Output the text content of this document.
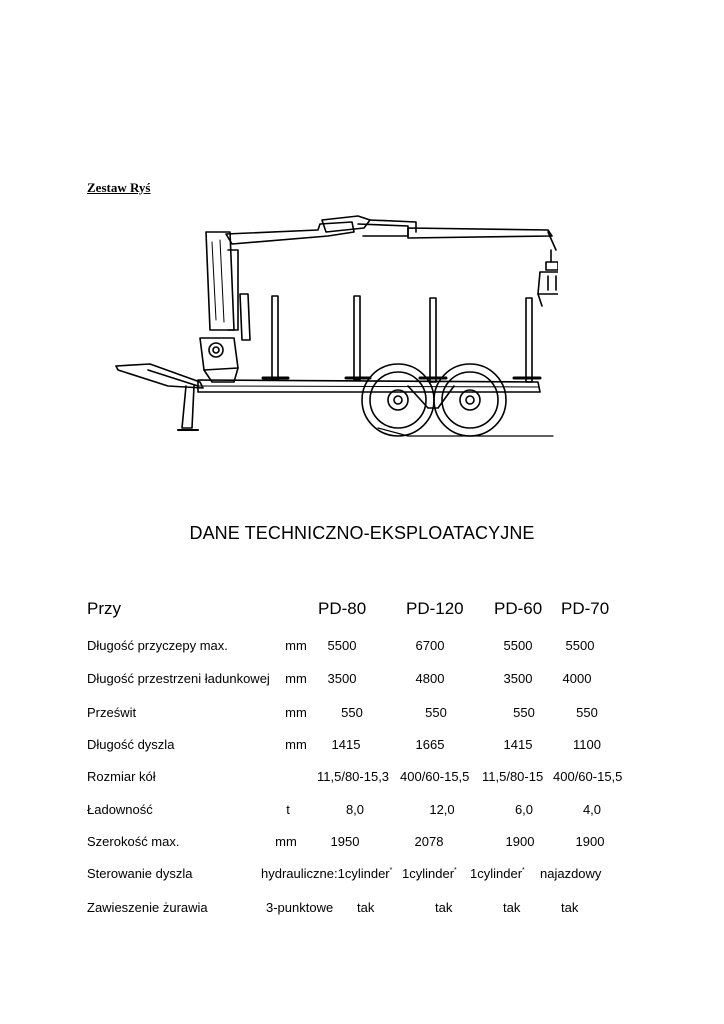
Zestaw Ryś
DANE TECHNICZNO-EKSPLOATACYJNE
Przy	PD-80 PD-120 PD-60 PD-70
Długość przyczepy max.	mm	5500	6700	5500	5500
Długość przestrzeni ładunkowej	mm	3500	4800	3500	4000
Prześwit	mm	550	550	550	550
Długość dyszla	mm	1415	1665	1415	1100
Rozmiar kół	11,5/80-15,3 400/60-15,5 11,5/80-15 400/60-15,5
Ładowność	t	8,0	12,0	6,0	4,0
Szerokość max.	mm	1950	2078	1900	1900
Sterowanie dyszla	hydrauliczne:1cylinder* 1cylinder* 1cylinder* najazdowy
Zawieszenie żurawia	3-punktowe tak	tak	tak	tak
